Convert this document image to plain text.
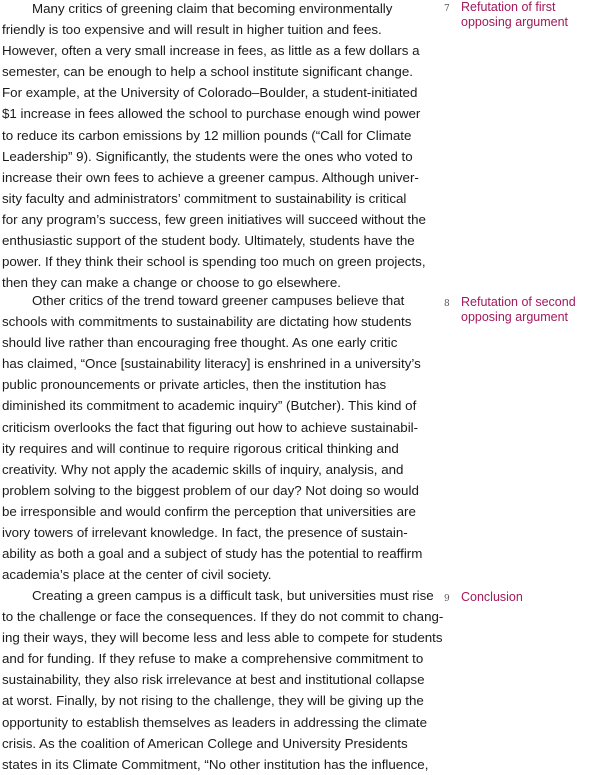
Many critics of greening claim that becoming environmentally
friendly is too expensive and will result in higher tuition and fees.
However, often a very small increase in fees, as little as a few dollars a
semester, can be enough to help a school institute significant change.
For example, at the University of Colorado–Boulder, a student-initiated
$1 increase in fees allowed the school to purchase enough wind power
to reduce its carbon emissions by 12 million pounds (“Call for Climate
Leadership” 9). Significantly, the students were the ones who voted to
increase their own fees to achieve a greener campus. Although univer-
sity faculty and administrators’ commitment to sustainability is critical
for any program’s success, few green initiatives will succeed without the
enthusiastic support of the student body. Ultimately, students have the
power. If they think their school is spending too much on green projects,
then they can make a change or choose to go elsewhere.

Other critics of the trend toward greener campuses believe that
schools with commitments to sustainability are dictating how students
should live rather than encouraging free thought. As one early critic
has claimed, “Once [sustainability literacy] is enshrined in a university’s
public pronouncements or private articles, then the institution has
diminished its commitment to academic inquiry” (Butcher). This kind of
criticism overlooks the fact that figuring out how to achieve sustainabil-
ity requires and will continue to require rigorous critical thinking and
creativity. Why not apply the academic skills of inquiry, analysis, and
problem solving to the biggest problem of our day? Not doing so would
be irresponsible and would confirm the perception that universities are
ivory towers of irrelevant knowledge. In fact, the presence of sustain-
ability as both a goal and a subject of study has the potential to reaffirm
academia’s place at the center of civil society.

Creating a green campus is a difficult task, but universities must rise
to the challenge or face the consequences. If they do not commit to chang-
ing their ways, they will become less and less able to compete for students
and for funding. If they refuse to make a comprehensive commitment to
sustainability, they also risk irrelevance at best and institutional collapse
at worst. Finally, by not rising to the challenge, they will be giving up the
opportunity to establish themselves as leaders in addressing the climate
crisis. As the coalition of American College and University Presidents
states in its Climate Commitment, “No other institution has the influence,

7 Refutation of first
opposing argument
8 Refutation of second
opposing argument
9 Conclusion
